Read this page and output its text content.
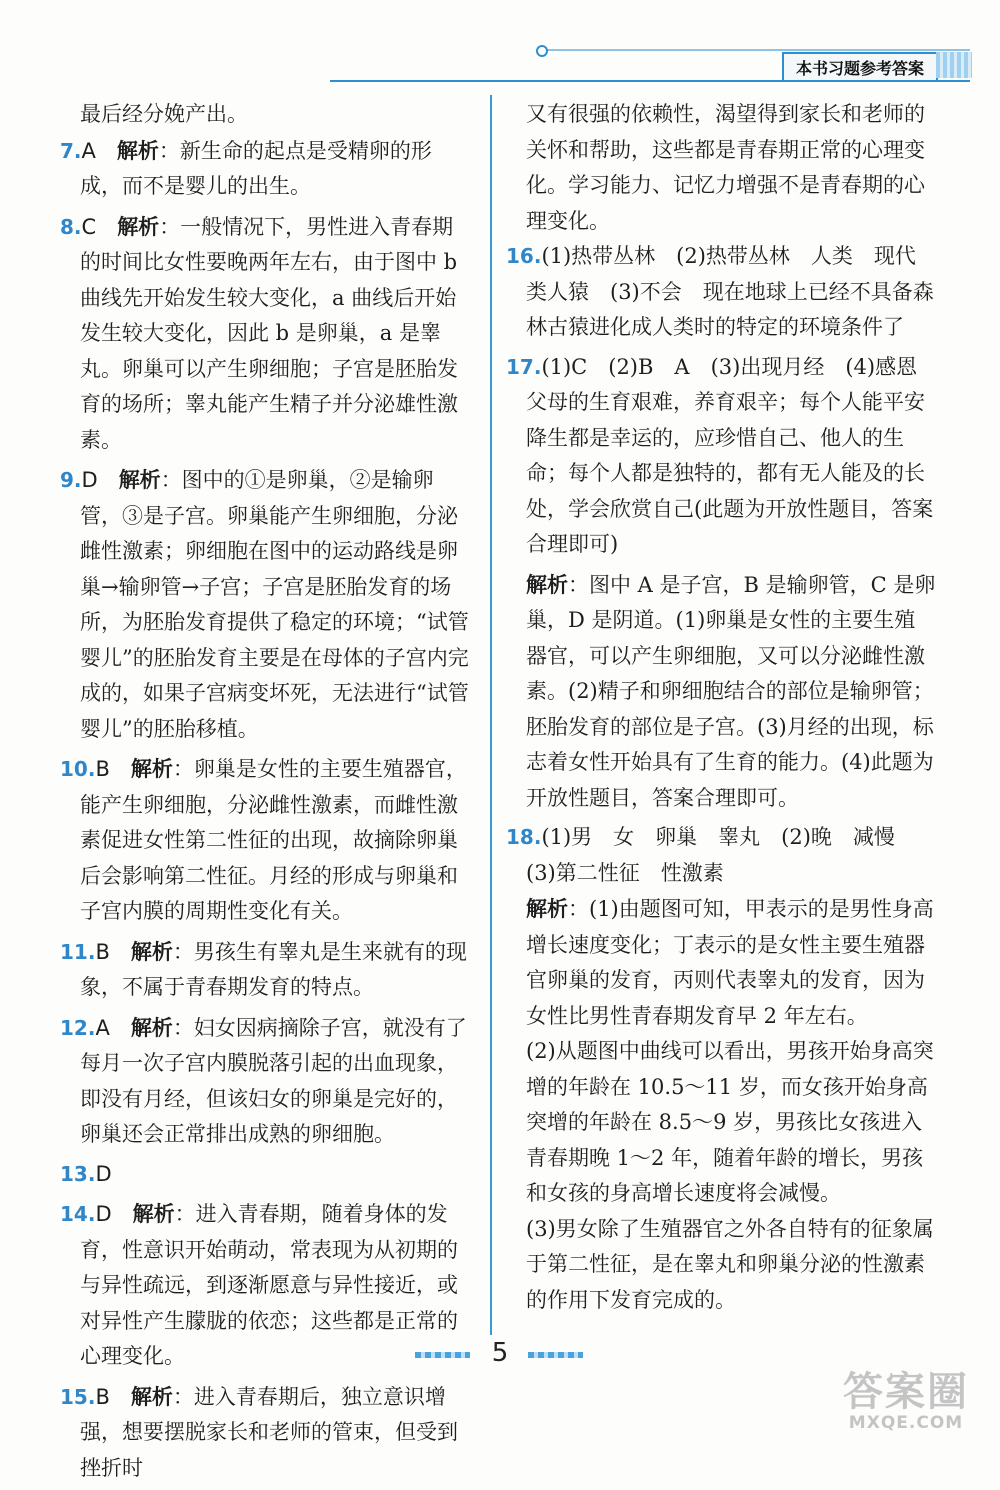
本书习题参考答案

最后经分娩产出。

7.A　 解析：新生命的起点是受精卵的形成，而不是婴儿的出生。

8.C　 解析：一般情况下，男性进入青春期的时间比女性要晚两年左右，由于图中 b 曲线先开始发生较大变化，a 曲线后开始发生较大变化，因此 b 是卵巢，a 是睾丸。卵巢可以产生卵细胞；子宫是胚胎发育的场所；睾丸能产生精子并分泌雄性激素。

9.D　 解析：图中的①是卵巢，②是输卵管，③是子宫。卵巢能产生卵细胞，分泌雌性激素；卵细胞在图中的运动路线是卵巢→输卵管→子宫；子宫是胚胎发育的场所，为胚胎发育提供了稳定的环境；“试管婴儿”的胚胎发育主要是在母体的子宫内完成的，如果子宫病变坏死，无法进行“试管婴儿”的胚胎移植。

10.B　 解析：卵巢是女性的主要生殖器官，能产生卵细胞，分泌雌性激素，而雌性激素促进女性第二性征的出现，故摘除卵巢后会影响第二性征。月经的形成与卵巢和子宫内膜的周期性变化有关。

11.B　 解析：男孩生有睾丸是生来就有的现象，不属于青春期发育的特点。

12.A　 解析：妇女因病摘除子宫，就没有了每月一次子宫内膜脱落引起的出血现象，即没有月经，但该妇女的卵巢是完好的，卵巢还会正常排出成熟的卵细胞。

13.D

14.D　 解析：进入青春期，随着身体的发育，性意识开始萌动，常表现为从初期的与异性疏远，到逐渐愿意与异性接近，或对异性产生朦胧的依恋；这些都是正常的心理变化。

15.B　 解析：进入青春期后，独立意识增强，想要摆脱家长和老师的管束，但受到挫折时

又有很强的依赖性，渴望得到家长和老师的关怀和帮助，这些都是青春期正常的心理变化。学习能力、记忆力增强不是青春期的心理变化。

16.(1)热带丛林　(2)热带丛林　人类　现代类人猿　(3)不会　现在地球上已经不具备森林古猿进化成人类时的特定的环境条件了

17.(1)C　(2)B　A　(3)出现月经　(4)感恩父母的生育艰难，养育艰辛；每个人能平安降生都是幸运的，应珍惜自己、他人的生命；每个人都是独特的，都有无人能及的长处，学会欣赏自己(此题为开放性题目，答案合理即可)

解析：图中 A 是子宫，B 是输卵管，C 是卵巢，D 是阴道。(1)卵巢是女性的主要生殖器官，可以产生卵细胞，又可以分泌雌性激素。(2)精子和卵细胞结合的部位是输卵管；胚胎发育的部位是子宫。(3)月经的出现，标志着女性开始具有了生育的能力。(4)此题为开放性题目，答案合理即可。

18.(1)男　女　卵巢　睾丸　(2)晚　减慢

(3)第二性征　性激素

解析：(1)由题图可知，甲表示的是男性身高增长速度变化；丁表示的是女性主要生殖器官卵巢的发育，丙则代表睾丸的发育，因为女性比男性青春期发育早 2 年左右。

(2)从题图中曲线可以看出，男孩开始身高突增的年龄在 10.5～11 岁，而女孩开始身高突增的年龄在 8.5～9 岁，男孩比女孩进入青春期晚 1～2 年，随着年龄的增长，男孩和女孩的身高增长速度将会减慢。

(3)男女除了生殖器官之外各自特有的征象属于第二性征，是在睾丸和卵巢分泌的性激素的作用下发育完成的。

5
答案圈
MXQE.COM
